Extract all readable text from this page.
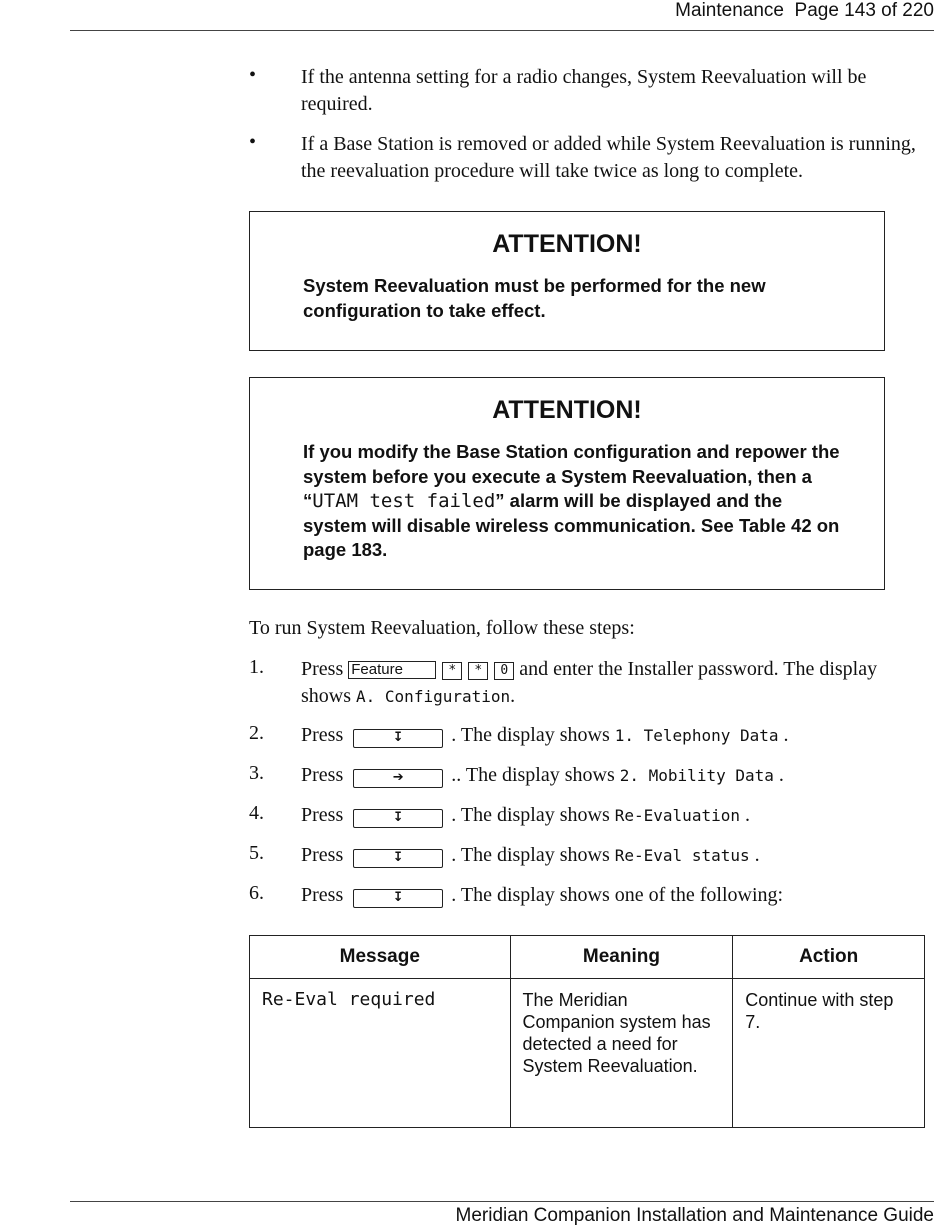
Maintenance Page 143 of 220
• If the antenna setting for a radio changes, System Reevaluation will be required.
• If a Base Station is removed or added while System Reevaluation is running, the reevaluation procedure will take twice as long to complete.
ATTENTION!
System Reevaluation must be performed for the new configuration to take effect.
ATTENTION!
If you modify the Base Station configuration and repower the system before you execute a System Reevaluation, then a “UTAM test failed” alarm will be displayed and the system will disable wireless communication. See Table 42 on page 183.
To run System Reevaluation, follow these steps:
1. Press Feature	* * 0 and enter the Installer password. The display
shows A. Configuration.
2. Press	↧ . The display shows 1. Telephony Data .
3. Press	➔ .. The display shows 2. Mobility Data .
4. Press	↧ . The display shows Re-Evaluation .
5. Press	↧ . The display shows Re-Eval status .
6. Press	↧ . The display shows one of the following:
Message	Meaning	Action
Re-Eval required	The Meridian Companion system has detected a need for System Reevaluation.	Continue with step 7.
Meridian Companion Installation and Maintenance Guide
